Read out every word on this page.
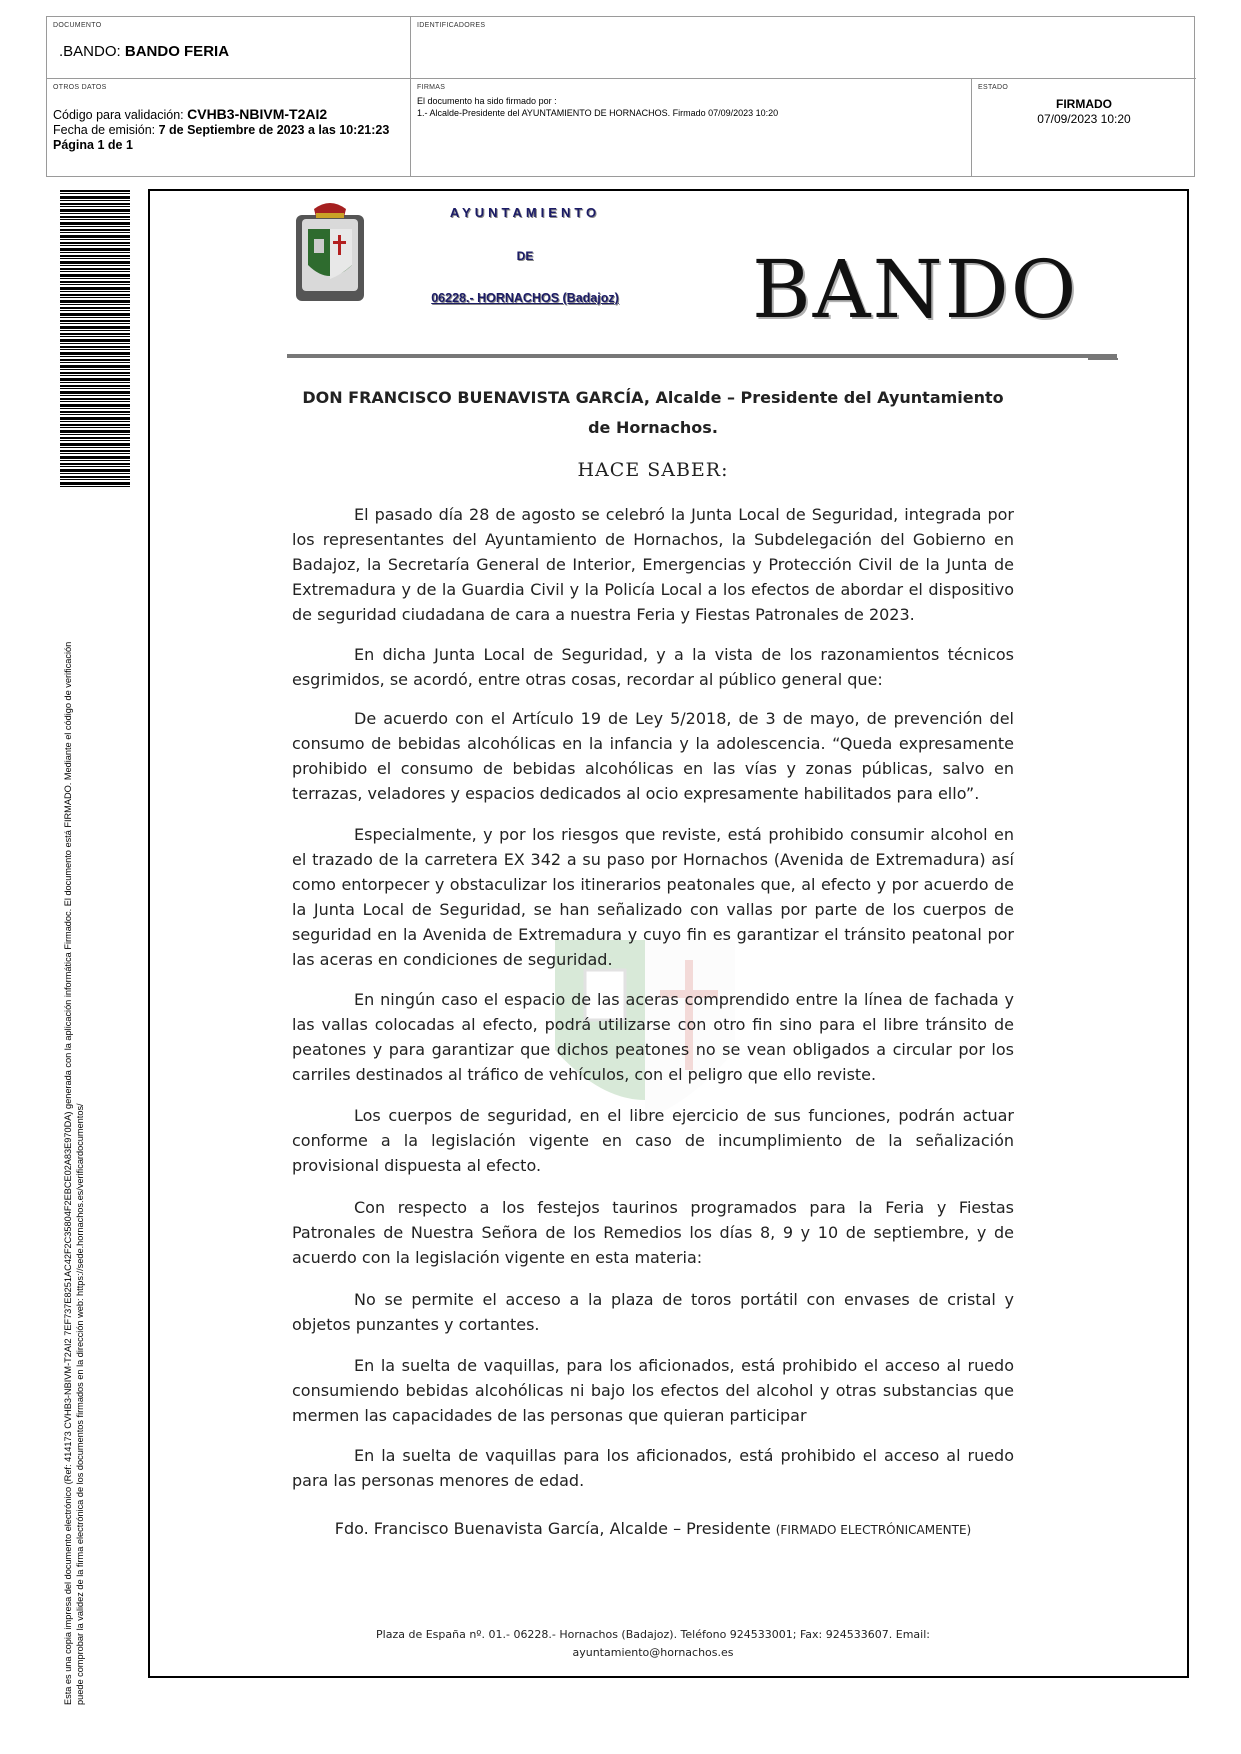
DOCUMENTO
.BANDO: BANDO FERIA
IDENTIFICADORES
OTROS DATOS
Código para validación: CVHB3-NBIVM-T2AI2
Fecha de emisión: 7 de Septiembre de 2023 a las 10:21:23
Página 1 de 1
FIRMAS
El documento ha sido firmado por :
1.- Alcalde-Presidente del AYUNTAMIENTO DE HORNACHOS. Firmado 07/09/2023 10:20
ESTADO
FIRMADO
07/09/2023 10:20
Esta es una copia impresa del documento electrónico (Ref: 414173 CVHB3-NBIVM-T2AI2 7EF737E8251AC42F2C35804F2EBCE02A83E970DA) generada con la aplicación informática Firmadoc. El documento está FIRMADO. Mediante el código de verificación puede comprobar la validez de la firma electrónica de los documentos firmados en la dirección web: https://sede.hornachos.es/verificardocumentos/
AYUNTAMIENTO
DE
06228.- HORNACHOS (Badajoz)	BANDO
DON FRANCISCO BUENAVISTA GARCÍA, Alcalde – Presidente del Ayuntamiento de Hornachos.
HACE SABER:

El pasado día 28 de agosto se celebró la Junta Local de Seguridad, integrada por los representantes del Ayuntamiento de Hornachos, la Subdelegación del Gobierno en Badajoz, la Secretaría General de Interior, Emergencias y Protección Civil de la Junta de Extremadura y de la Guardia Civil y la Policía Local a los efectos de abordar el dispositivo de seguridad ciudadana de cara a nuestra Feria y Fiestas Patronales de 2023.

En dicha Junta Local de Seguridad, y a la vista de los razonamientos técnicos esgrimidos, se acordó, entre otras cosas, recordar al público general que:

De acuerdo con el Artículo 19 de Ley 5/2018, de 3 de mayo, de prevención del consumo de bebidas alcohólicas en la infancia y la adolescencia. “Queda expresamente prohibido el consumo de bebidas alcohólicas en las vías y zonas públicas, salvo en terrazas, veladores y espacios dedicados al ocio expresamente habilitados para ello”.

Especialmente, y por los riesgos que reviste, está prohibido consumir alcohol en el trazado de la carretera EX 342 a su paso por Hornachos (Avenida de Extremadura) así como entorpecer y obstaculizar los itinerarios peatonales que, al efecto y por acuerdo de la Junta Local de Seguridad, se han señalizado con vallas por parte de los cuerpos de seguridad en la Avenida de Extremadura y cuyo fin es garantizar el tránsito peatonal por las aceras en condiciones de seguridad.

En ningún caso el espacio de las aceras comprendido entre la línea de fachada y las vallas colocadas al efecto, podrá utilizarse con otro fin sino para el libre tránsito de peatones y para garantizar que dichos peatones no se vean obligados a circular por los carriles destinados al tráfico de vehículos, con el peligro que ello reviste.

Los cuerpos de seguridad, en el libre ejercicio de sus funciones, podrán actuar conforme a la legislación vigente en caso de incumplimiento de la señalización provisional dispuesta al efecto.

Con respecto a los festejos taurinos programados para la Feria y Fiestas Patronales de Nuestra Señora de los Remedios los días 8, 9 y 10 de septiembre, y de acuerdo con la legislación vigente en esta materia:

No se permite el acceso a la plaza de toros portátil con envases de cristal y objetos punzantes y cortantes.

En la suelta de vaquillas, para los aficionados, está prohibido el acceso al ruedo consumiendo bebidas alcohólicas ni bajo los efectos del alcohol y otras substancias que mermen las capacidades de las personas que quieran participar

En la suelta de vaquillas para los aficionados, está prohibido el acceso al ruedo para las personas menores de edad.

Fdo. Francisco Buenavista García, Alcalde – Presidente (FIRMADO ELECTRÓNICAMENTE)
Plaza de España nº. 01.- 06228.- Hornachos (Badajoz). Teléfono 924533001; Fax: 924533607. Email:
ayuntamiento@hornachos.es
